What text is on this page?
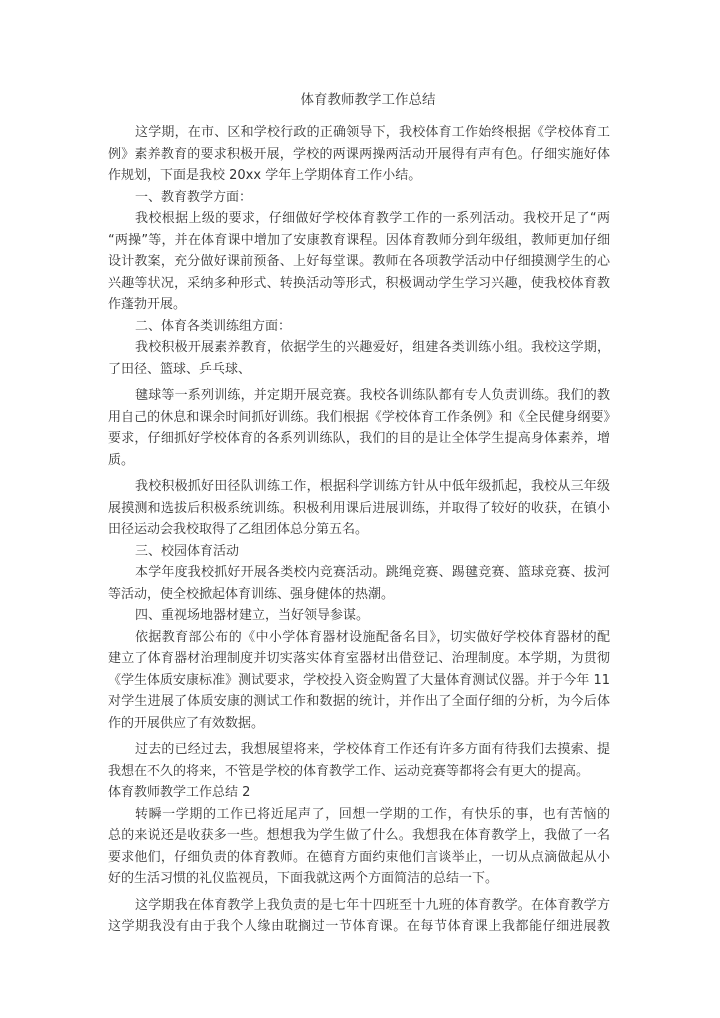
体育教师教学工作总结
这学期，在市、区和学校行政的正确领导下，我校体育工作始终根据《学校体育工
例》素养教育的要求积极开展，学校的两课两操两活动开展得有声有色。仔细实施好体
作规划，下面是我校 20xx 学年上学期体育工作小结。
一、教育教学方面：
我校根据上级的要求，仔细做好学校体育教学工作的一系列活动。我校开足了“两
“两操”等，并在体育课中增加了安康教育课程。因体育教师分到年级组，教师更加仔细
设计教案，充分做好课前预备、上好每堂课。教师在各项教学活动中仔细摸测学生的心
兴趣等状况，采纳多种形式、转换活动等形式，积极调动学生学习兴趣，使我校体育教
作蓬勃开展。
二、体育各类训练组方面：
我校积极开展素养教育，依据学生的兴趣爱好，组建各类训练小组。我校这学期，
了田径、篮球、乒乓球、
毽球等一系列训练，并定期开展竞赛。我校各训练队都有专人负责训练。我们的教
用自己的休息和课余时间抓好训练。我们根据《学校体育工作条例》和《全民健身纲要》
要求，仔细抓好学校体育的各系列训练队，我们的目的是让全体学生提高身体素养，增
质。
我校积极抓好田径队训练工作，根据科学训练方针从中低年级抓起，我校从三年级
展摸测和选拔后积极系统训练。积极利用课后进展训练，并取得了较好的收获，在镇小
田径运动会我校取得了乙组团体总分第五名。
三、校园体育活动
本学年度我校抓好开展各类校内竞赛活动。跳绳竞赛、踢毽竞赛、篮球竞赛、拔河
等活动，使全校掀起体育训练、强身健体的热潮。
四、重视场地器材建立，当好领导参谋。
依据教育部公布的《中小学体育器材设施配备名目》，切实做好学校体育器材的配
建立了体育器材治理制度并切实落实体育室器材出借登记、治理制度。本学期，为贯彻
《学生体质安康标准》测试要求，学校投入资金购置了大量体育测试仪器。并于今年 11
对学生进展了体质安康的测试工作和数据的统计，并作出了全面仔细的分析，为今后体
作的开展供应了有效数据。
过去的已经过去，我想展望将来，学校体育工作还有许多方面有待我们去摸索、提
我想在不久的将来，不管是学校的体育教学工作、运动竞赛等都将会有更大的提高。
体育教师教学工作总结 2
转瞬一学期的工作已将近尾声了，回想一学期的工作，有快乐的事，也有苦恼的
总的来说还是收获多一些。想想我为学生做了什么。我想我在体育教学上，我做了一名
要求他们，仔细负责的体育教师。在德育方面约束他们言谈举止，一切从点滴做起从小
好的生活习惯的礼仪监视员，下面我就这两个方面简洁的总结一下。
这学期我在体育教学上我负责的是七年十四班至十九班的体育教学。在体育教学方
这学期我没有由于我个人缘由耽搁过一节体育课。在每节体育课上我都能仔细进展教
